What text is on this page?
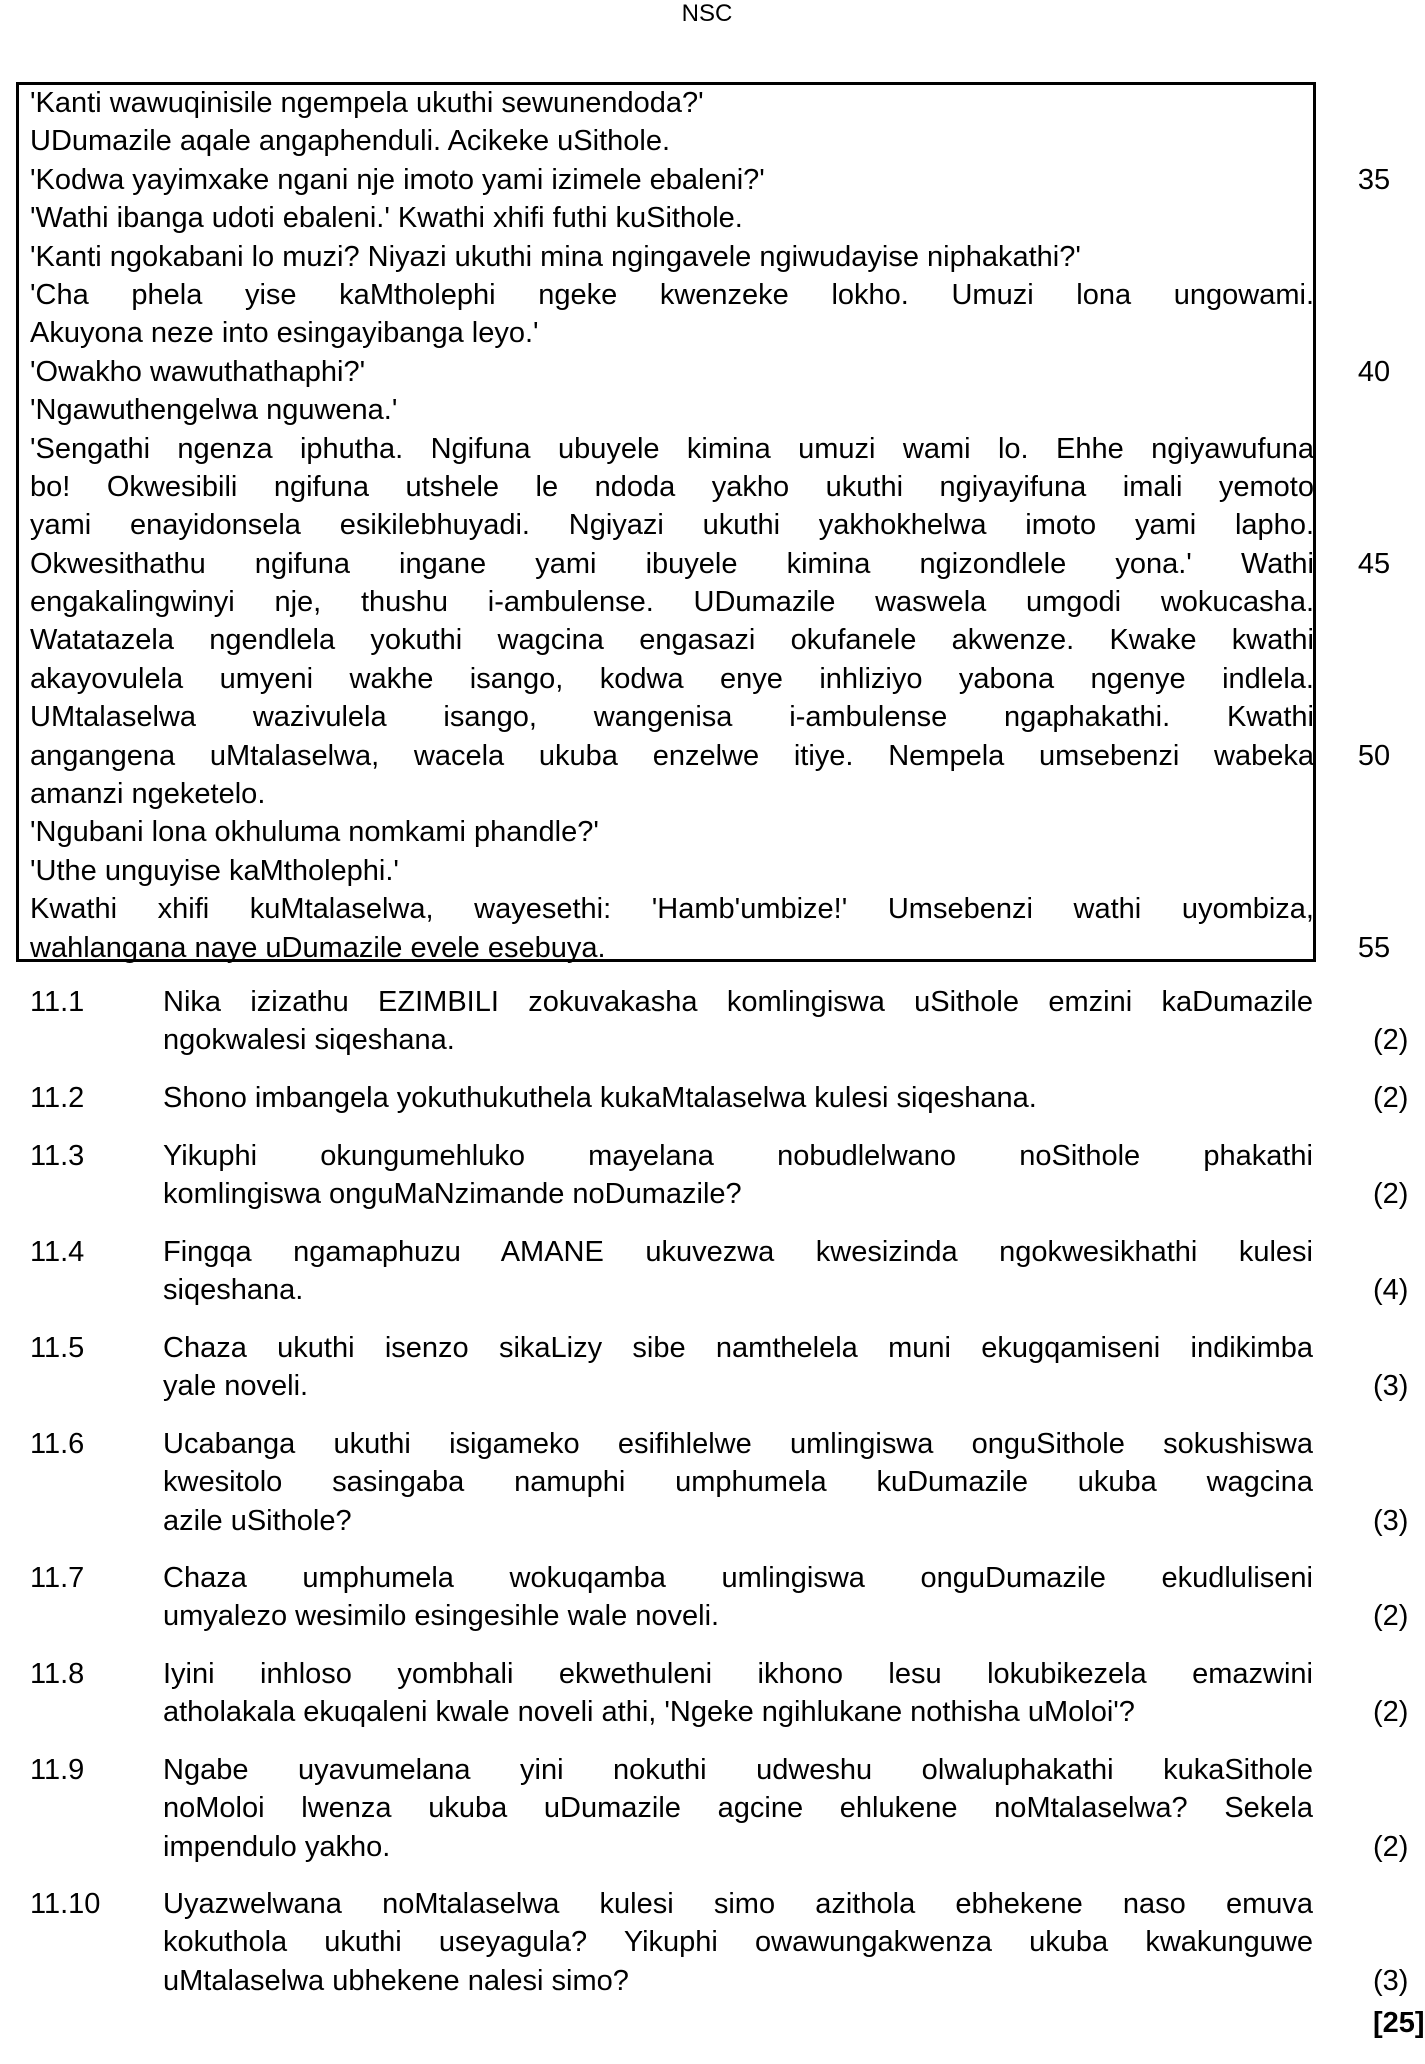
NSC
'Kanti wawuqinisile ngempela ukuthi sewunendoda?'
UDumazile aqale angaphenduli. Acikeke uSithole.
'Kodwa yayimxake ngani nje imoto yami izimele ebaleni?'	35
'Wathi ibanga udoti ebaleni.' Kwathi xhifi futhi kuSithole.
'Kanti ngokabani lo muzi? Niyazi ukuthi mina ngingavele ngiwudayise niphakathi?'
'Cha phela yise kaMtholephi ngeke kwenzeke lokho. Umuzi lona ungowami.
Akuyona neze into esingayibanga leyo.'
'Owakho wawuthathaphi?'	40
'Ngawuthengelwa nguwena.'
'Sengathi ngenza iphutha. Ngifuna ubuyele kimina umuzi wami lo. Ehhe ngiyawufuna
bo! Okwesibili ngifuna utshele le ndoda yakho ukuthi ngiyayifuna imali yemoto
yami enayidonsela esikilebhuyadi. Ngiyazi ukuthi yakhokhelwa imoto yami lapho.
Okwesithathu ngifuna ingane yami ibuyele kimina ngizondlele yona.' Wathi	45
engakalingwinyi nje, thushu i-ambulense. UDumazile waswela umgodi wokucasha.
Watatazela ngendlela yokuthi wagcina engasazi okufanele akwenze. Kwake kwathi
akayovulela umyeni wakhe isango, kodwa enye inhliziyo yabona ngenye indlela.
UMtalaselwa wazivulela isango, wangenisa i-ambulense ngaphakathi. Kwathi
angangena uMtalaselwa, wacela ukuba enzelwe itiye. Nempela umsebenzi wabeka	50
amanzi ngeketelo.
'Ngubani lona okhuluma nomkami phandle?'
'Uthe unguyise kaMtholephi.'
Kwathi xhifi kuMtalaselwa, wayesethi: 'Hamb'umbize!' Umsebenzi wathi uyombiza,
wahlangana naye uDumazile evele esebuya.	55
11.1	Nika izizathu EZIMBILI zokuvakasha komlingiswa uSithole emzini kaDumazile
ngokwalesi siqeshana.	(2)
11.2	Shono imbangela yokuthukuthela kukaMtalaselwa kulesi siqeshana.	(2)
11.3	Yikuphi okungumehluko mayelana nobudlelwano noSithole phakathi
komlingiswa onguMaNzimande noDumazile?	(2)
11.4	Fingqa ngamaphuzu AMANE ukuvezwa kwesizinda ngokwesikhathi kulesi
siqeshana.	(4)
11.5	Chaza ukuthi isenzo sikaLizy sibe namthelela muni ekugqamiseni indikimba
yale noveli.	(3)
11.6	Ucabanga ukuthi isigameko esifihlelwe umlingiswa onguSithole sokushiswa
kwesitolo sasingaba namuphi umphumela kuDumazile ukuba wagcina
azile uSithole?	(3)
11.7	Chaza umphumela wokuqamba umlingiswa onguDumazile ekudluliseni
umyalezo wesimilo esingesihle wale noveli.	(2)
11.8	Iyini inhloso yombhali ekwethuleni ikhono lesu lokubikezela emazwini
atholakala ekuqaleni kwale noveli athi, 'Ngeke ngihlukane nothisha uMoloi'?	(2)
11.9	Ngabe uyavumelana yini nokuthi udweshu olwaluphakathi kukaSithole
noMoloi lwenza ukuba uDumazile agcine ehlukene noMtalaselwa? Sekela
impendulo yakho.	(2)
11.10 Uyazwelwana noMtalaselwa kulesi simo azithola ebhekene naso emuva
kokuthola ukuthi useyagula? Yikuphi owawungakwenza ukuba kwakunguwe
uMtalaselwa ubhekene nalesi simo?	(3)
[25]
